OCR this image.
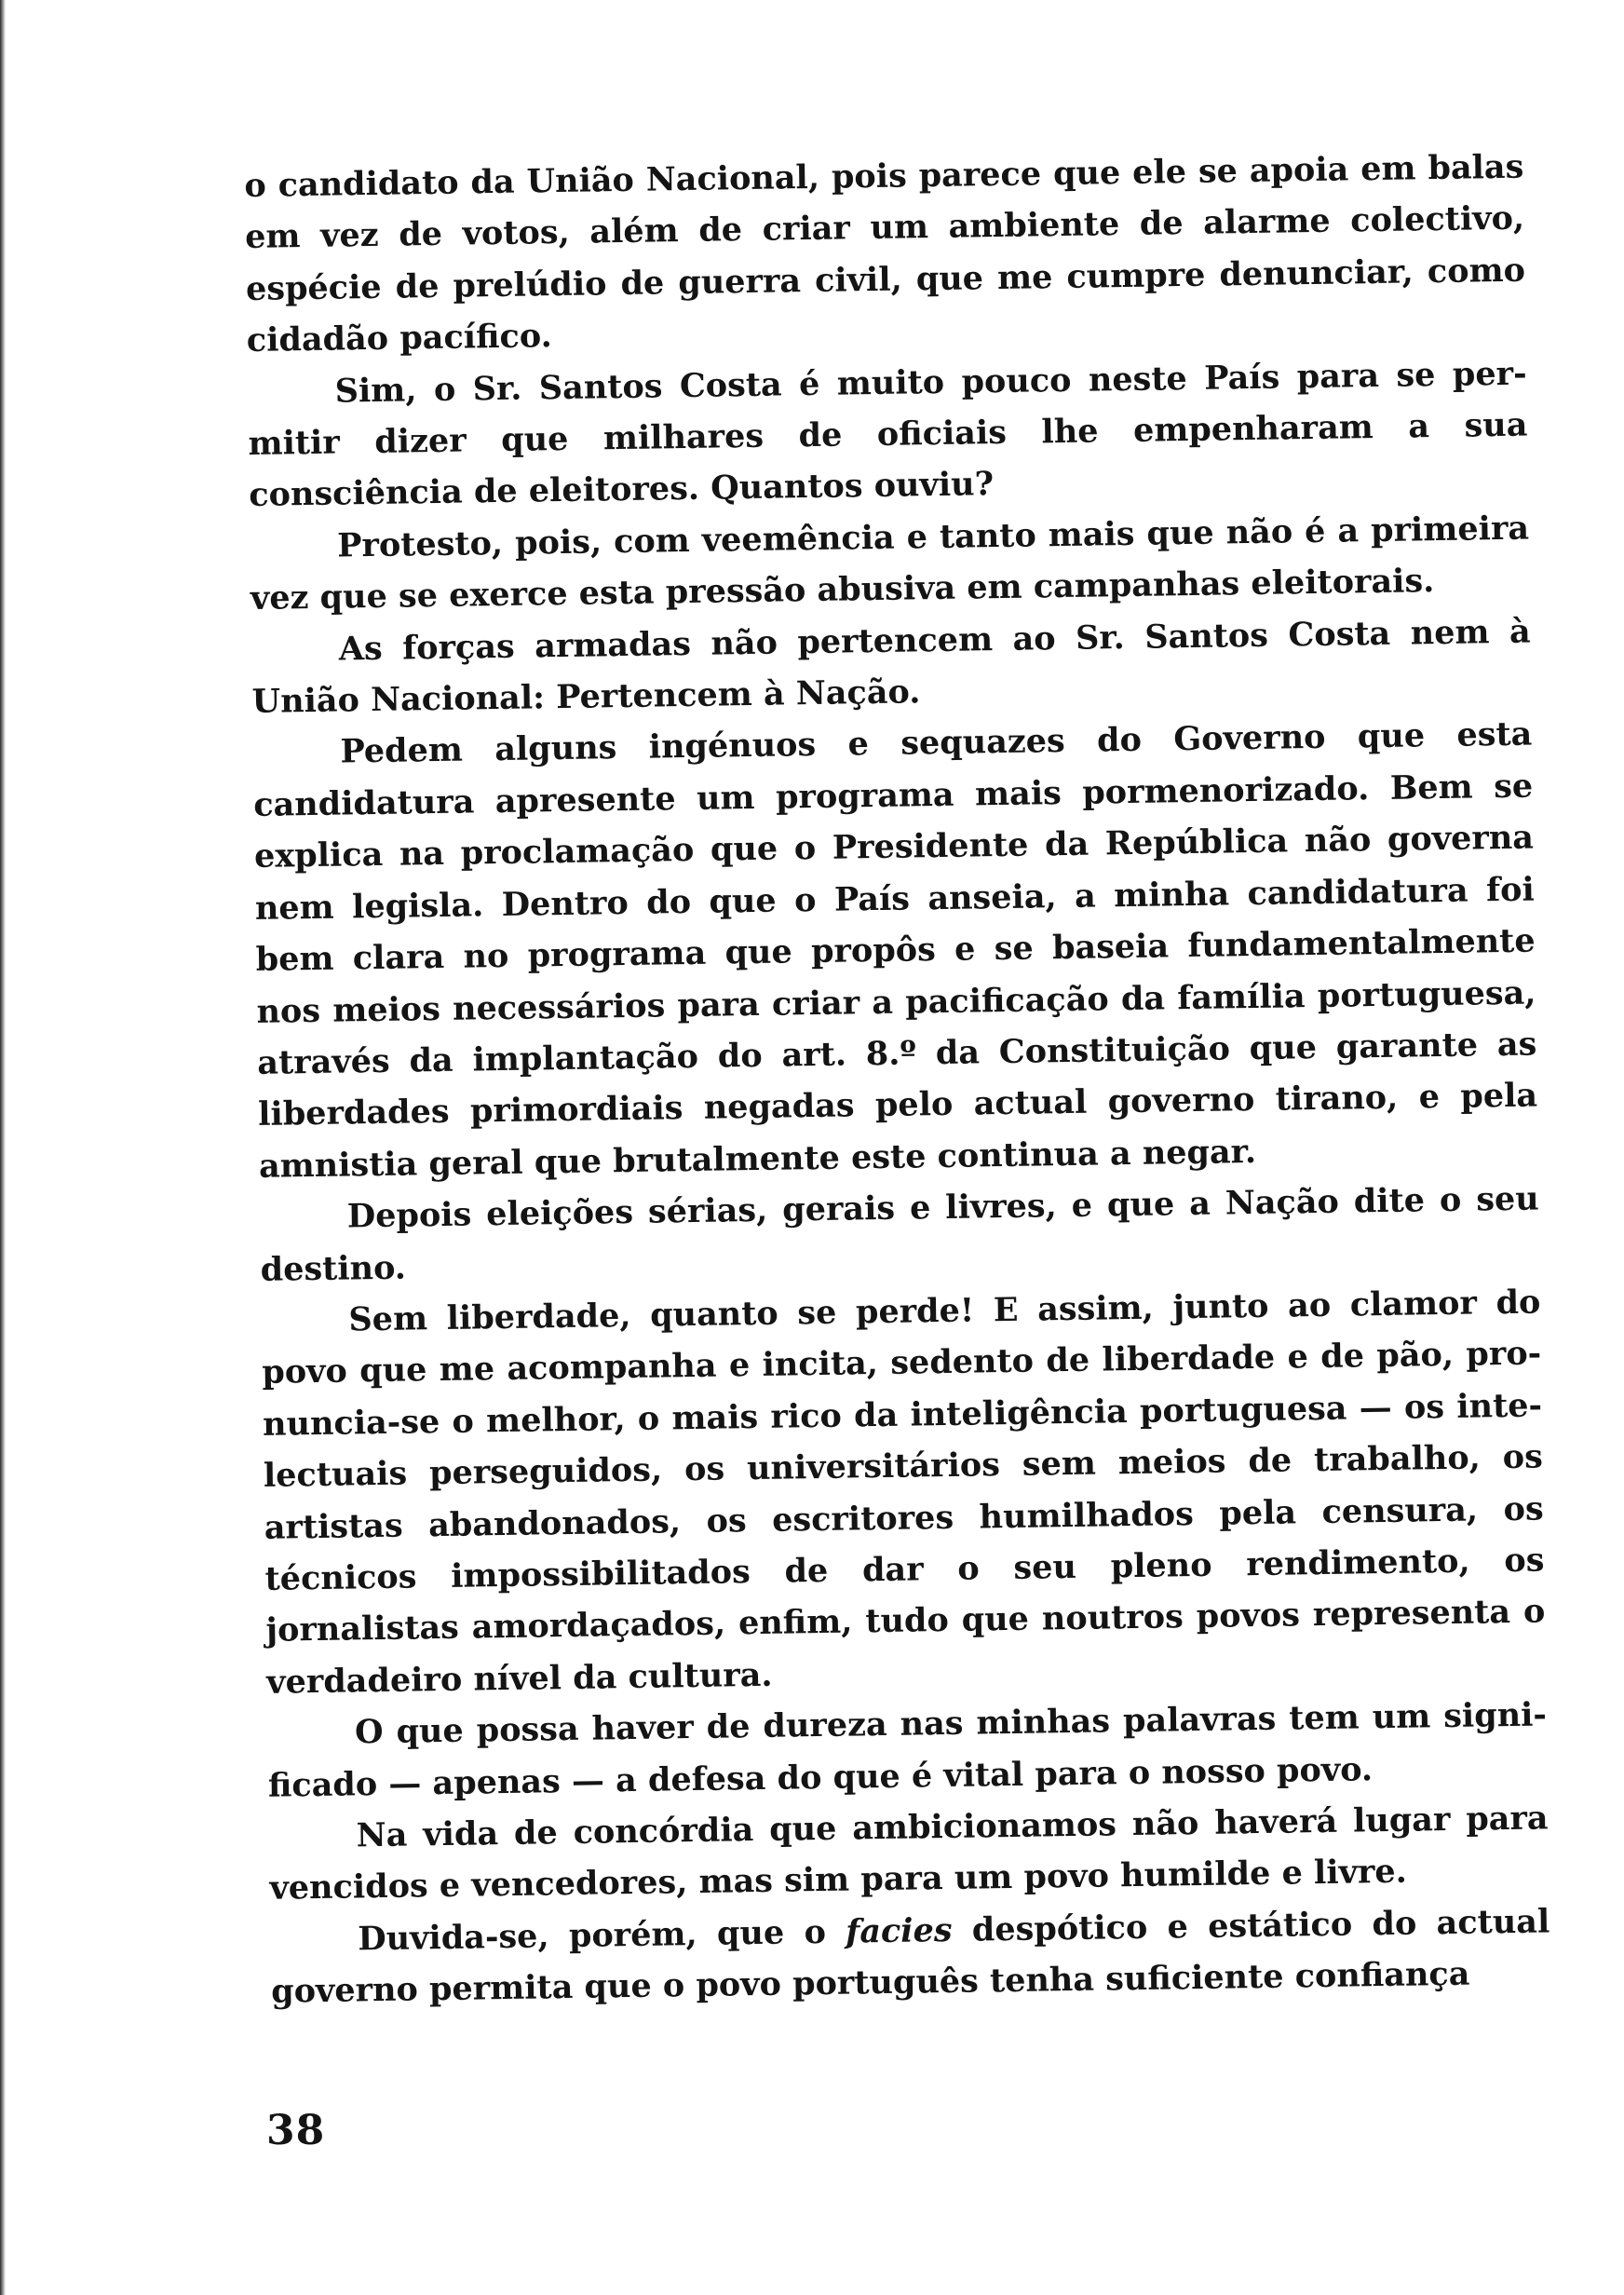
o candidato da União Nacional, pois parece que ele se apoia em balas em vez de votos, além de criar um ambiente de alarme colectivo, espécie de prelúdio de guerra civil, que me cumpre denunciar, como cidadão pacífico.

Sim, o Sr. Santos Costa é muito pouco neste País para se permitir dizer que milhares de oficiais lhe empenharam a sua consciência de eleitores. Quantos ouviu?

Protesto, pois, com veemência e tanto mais que não é a primeira vez que se exerce esta pressão abusiva em campanhas eleitorais.

As forças armadas não pertencem ao Sr. Santos Costa nem à União Nacional: Pertencem à Nação.

Pedem alguns ingénuos e sequazes do Governo que esta candidatura apresente um programa mais pormenorizado. Bem se explica na proclamação que o Presidente da República não governa nem legisla. Dentro do que o País anseia, a minha candidatura foi bem clara no programa que propôs e se baseia fundamentalmente nos meios necessários para criar a pacificação da família portuguesa, através da implantação do art. 8.º da Constituição que garante as liberdades primordiais negadas pelo actual governo tirano, e pela amnistia geral que brutalmente este continua a negar.

Depois eleições sérias, gerais e livres, e que a Nação dite o seu destino.

Sem liberdade, quanto se perde! E assim, junto ao clamor do povo que me acompanha e incita, sedento de liberdade e de pão, pronuncia-se o melhor, o mais rico da inteligência portuguesa — os intelectuais perseguidos, os universitários sem meios de trabalho, os artistas abandonados, os escritores humilhados pela censura, os técnicos impossibilitados de dar o seu pleno rendimento, os jornalistas amordaçados, enfim, tudo que noutros povos representa o verdadeiro nível da cultura.

O que possa haver de dureza nas minhas palavras tem um significado — apenas — a defesa do que é vital para o nosso povo.

Na vida de concórdia que ambicionamos não haverá lugar para vencidos e vencedores, mas sim para um povo humilde e livre.

Duvida-se, porém, que o facies despótico e estático do actual governo permita que o povo português tenha suficiente confiança

38
